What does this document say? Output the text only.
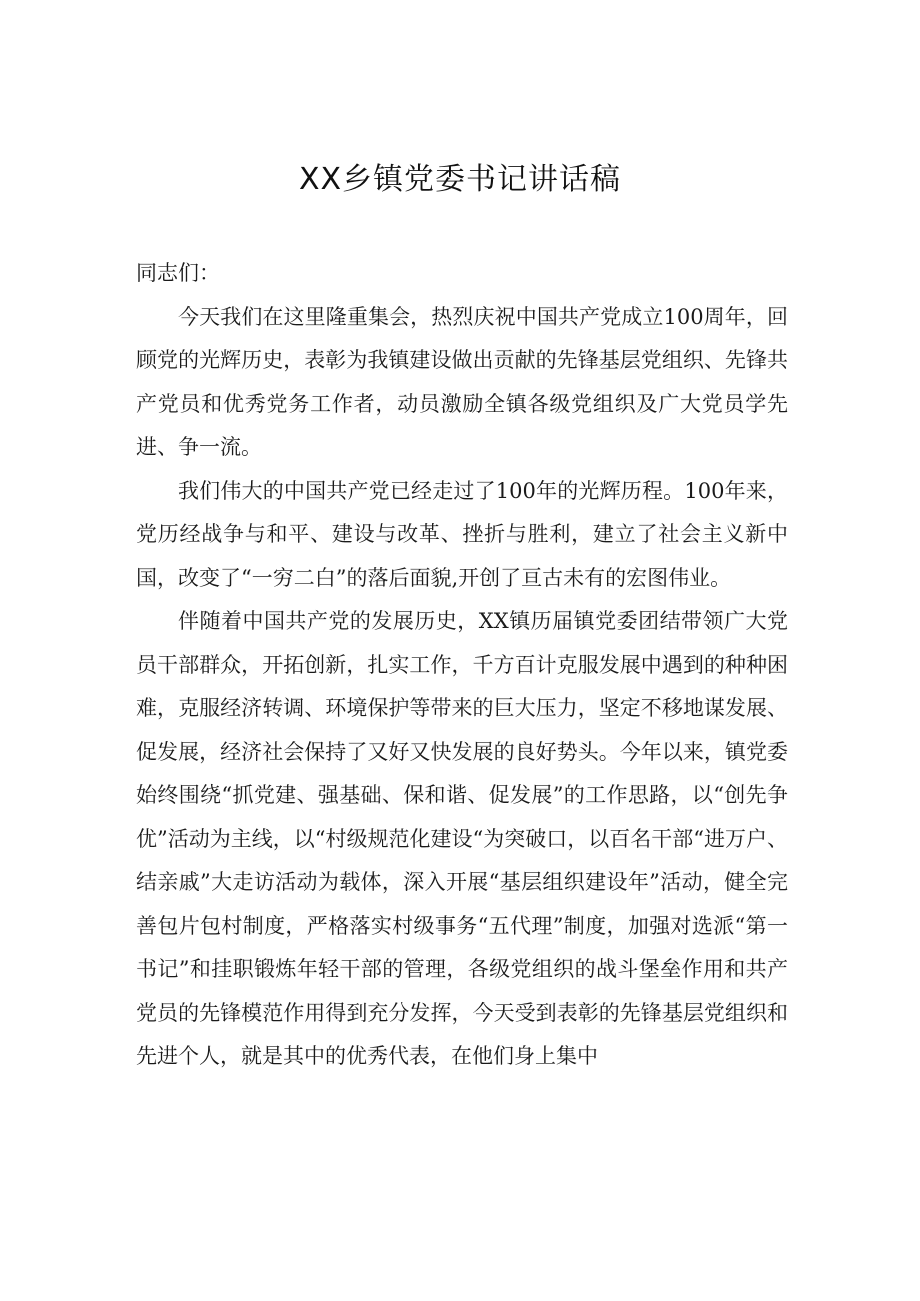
XX乡镇党委书记讲话稿

同志们：

今天我们在这里隆重集会，热烈庆祝中国共产党成立100周年，回顾党的光辉历史，表彰为我镇建设做出贡献的先锋基层党组织、先锋共产党员和优秀党务工作者，动员激励全镇各级党组织及广大党员学先进、争一流。

我们伟大的中国共产党已经走过了100年的光辉历程。100年来，党历经战争与和平、建设与改革、挫折与胜利，建立了社会主义新中国，改变了“一穷二白”的落后面貌,开创了亘古未有的宏图伟业。

伴随着中国共产党的发展历史，XX镇历届镇党委团结带领广大党员干部群众，开拓创新，扎实工作，千方百计克服发展中遇到的种种困难，克服经济转调、环境保护等带来的巨大压力，坚定不移地谋发展、促发展，经济社会保持了又好又快发展的良好势头。今年以来，镇党委始终围绕“抓党建、强基础、保和谐、促发展”的工作思路，以“创先争优”活动为主线，以“村级规范化建设“为突破口，以百名干部“进万户、结亲戚”大走访活动为载体，深入开展“基层组织建设年”活动，健全完善包片包村制度，严格落实村级事务“五代理”制度，加强对选派“第一书记”和挂职锻炼年轻干部的管理，各级党组织的战斗堡垒作用和共产党员的先锋模范作用得到充分发挥，今天受到表彰的先锋基层党组织和先进个人，就是其中的优秀代表，在他们身上集中
